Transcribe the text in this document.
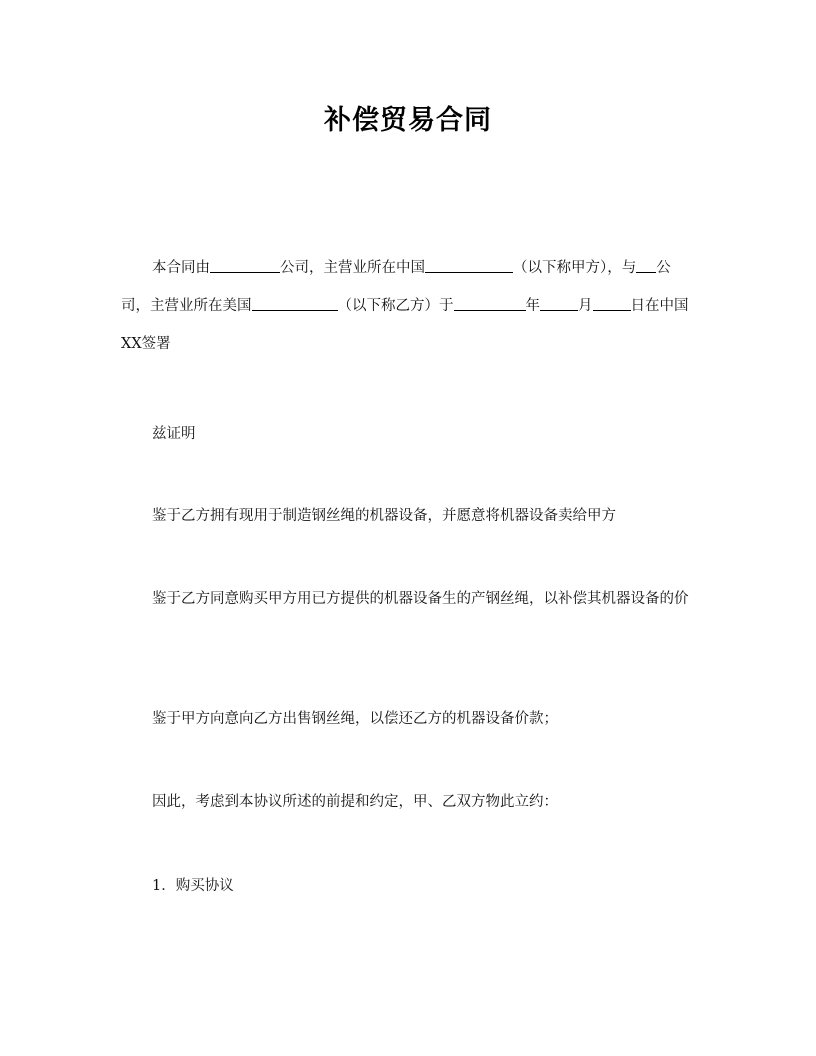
补偿贸易合同

本合同由	公司，主营业所在中国	（以下称甲方），与 公司，主营业所在美国	（以下称乙方）于	年	月	日在中国XX签署

兹证明

鉴于乙方拥有现用于制造钢丝绳的机器设备，并愿意将机器设备卖给甲方

鉴于乙方同意购买甲方用已方提供的机器设备生的产钢丝绳，以补偿其机器设备的价

鉴于甲方向意向乙方出售钢丝绳，以偿还乙方的机器设备价款；

因此，考虑到本协议所述的前提和约定，甲、乙双方物此立约：

1．购买协议
